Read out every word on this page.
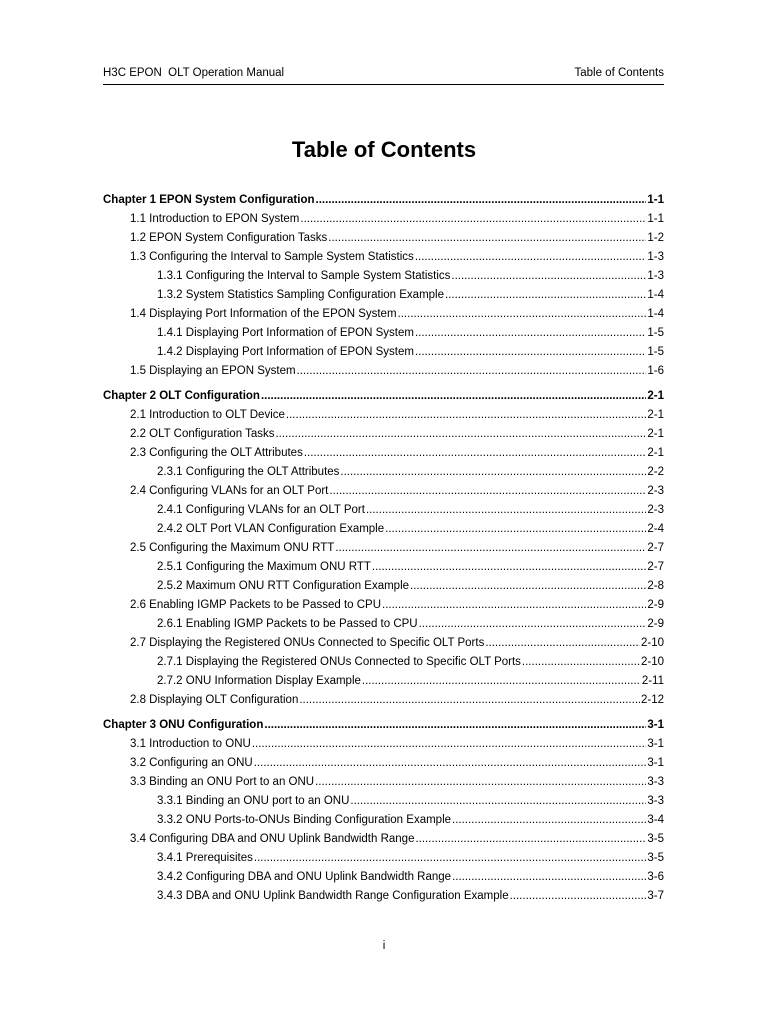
H3C EPON  OLT Operation Manual	Table of Contents
Table of Contents
Chapter 1 EPON System Configuration .....	1-1
1.1 Introduction to EPON System .....	1-1
1.2 EPON System Configuration Tasks .....	1-2
1.3 Configuring the Interval to Sample System Statistics .....	1-3
1.3.1 Configuring the Interval to Sample System Statistics .....	1-3
1.3.2 System Statistics Sampling Configuration Example .....	1-4
1.4 Displaying Port Information of the EPON System .....	1-4
1.4.1 Displaying Port Information of EPON System .....	1-5
1.4.2 Displaying Port Information of EPON System .....	1-5
1.5 Displaying an EPON System .....	1-6
Chapter 2 OLT Configuration .....	2-1
2.1 Introduction to OLT Device .....	2-1
2.2 OLT Configuration Tasks .....	2-1
2.3 Configuring the OLT Attributes .....	2-1
2.3.1 Configuring the OLT Attributes .....	2-2
2.4 Configuring VLANs for an OLT Port .....	2-3
2.4.1 Configuring VLANs for an OLT Port .....	2-3
2.4.2 OLT Port VLAN Configuration Example .....	2-4
2.5 Configuring the Maximum ONU RTT .....	2-7
2.5.1 Configuring the Maximum ONU RTT .....	2-7
2.5.2 Maximum ONU RTT Configuration Example .....	2-8
2.6 Enabling IGMP Packets to be Passed to CPU .....	2-9
2.6.1 Enabling IGMP Packets to be Passed to CPU .....	2-9
2.7 Displaying the Registered ONUs Connected to Specific OLT Ports .....	2-10
2.7.1 Displaying the Registered ONUs Connected to Specific OLT Ports .....	2-10
2.7.2 ONU Information Display Example .....	2-11
2.8 Displaying OLT Configuration .....	2-12
Chapter 3 ONU Configuration .....	3-1
3.1 Introduction to ONU .....	3-1
3.2 Configuring an ONU .....	3-1
3.3 Binding an ONU Port to an ONU .....	3-3
3.3.1 Binding an ONU port to an ONU .....	3-3
3.3.2 ONU Ports-to-ONUs Binding Configuration Example .....	3-4
3.4 Configuring DBA and ONU Uplink Bandwidth Range .....	3-5
3.4.1 Prerequisites .....	3-5
3.4.2 Configuring DBA and ONU Uplink Bandwidth Range .....	3-6
3.4.3 DBA and ONU Uplink Bandwidth Range Configuration Example .....	3-7
i
